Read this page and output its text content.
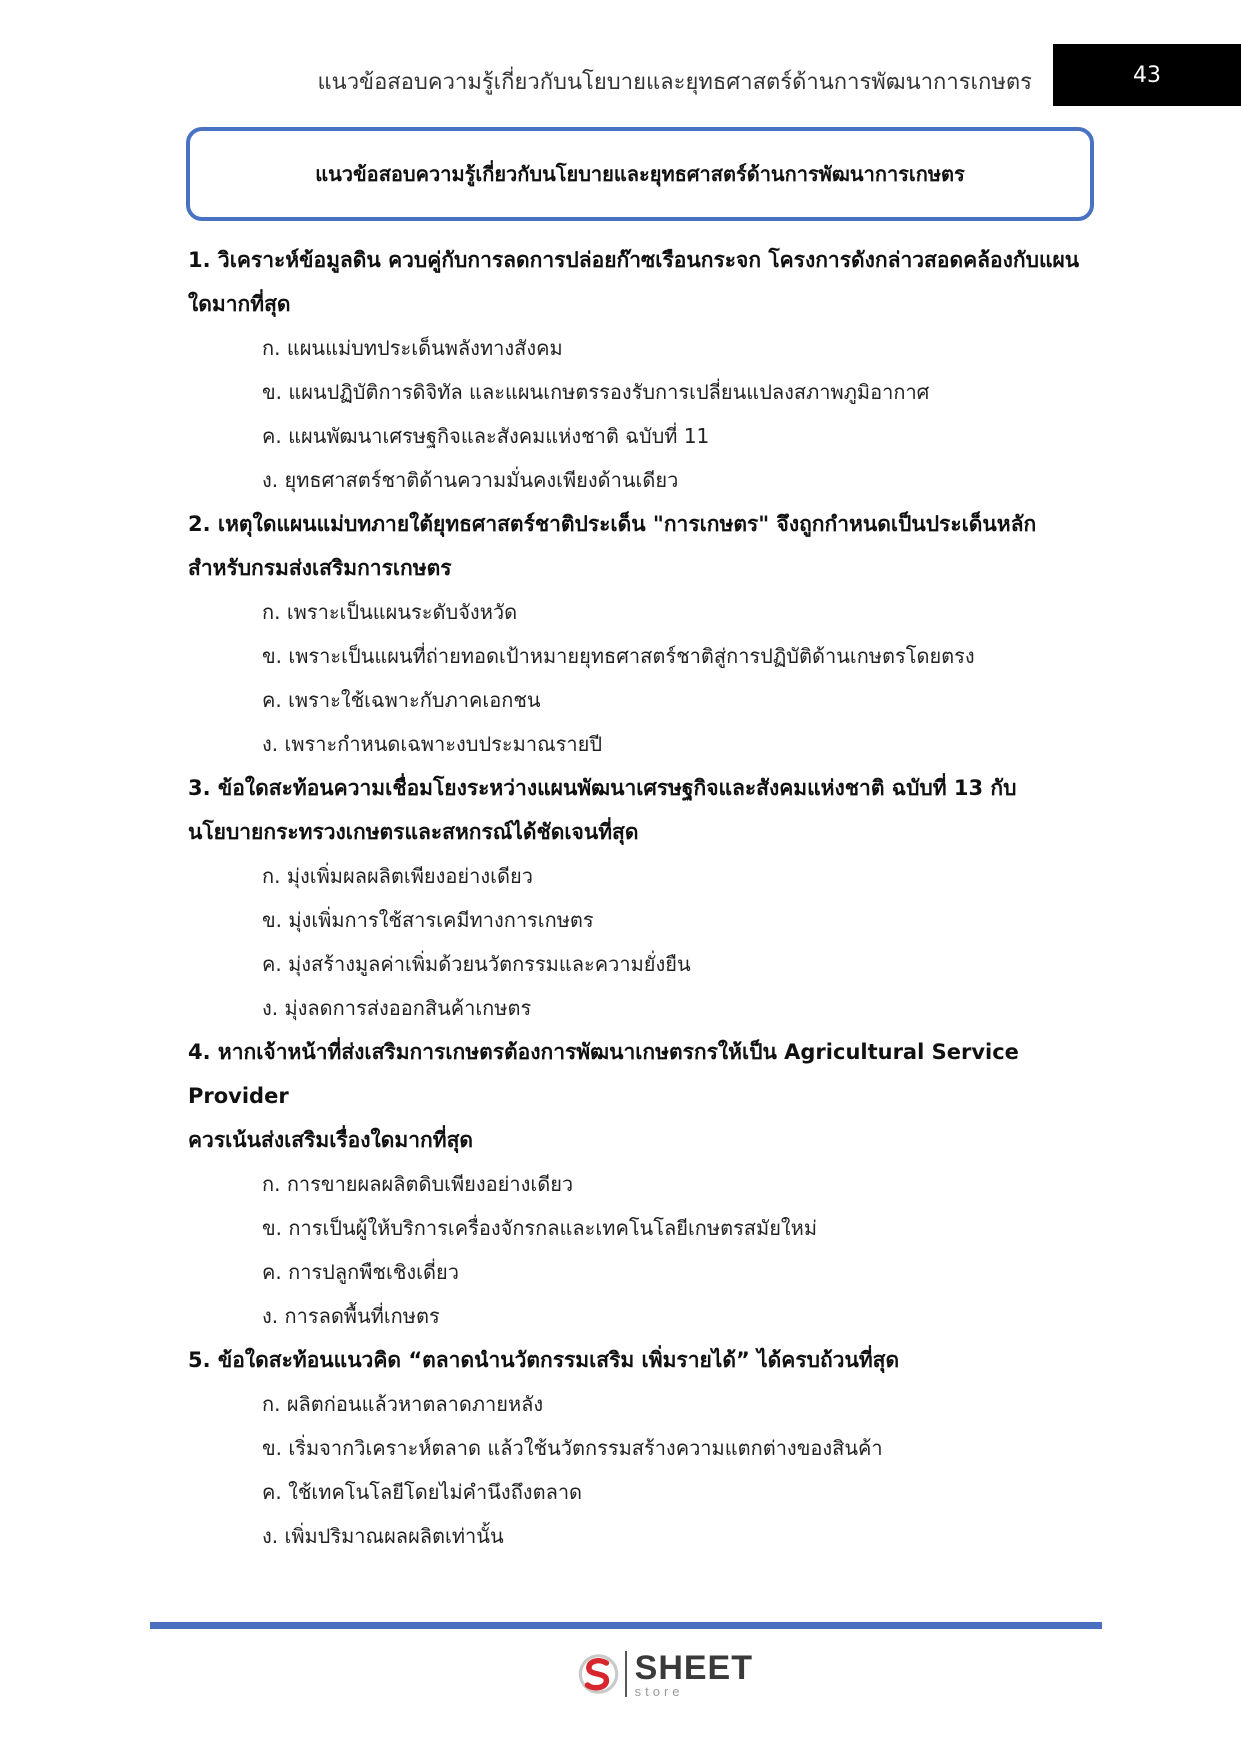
แนวข้อสอบความรู้เกี่ยวกับนโยบายและยุทธศาสตร์ด้านการพัฒนาการเกษตร	43
แนวข้อสอบความรู้เกี่ยวกับนโยบายและยุทธศาสตร์ด้านการพัฒนาการเกษตร
1. วิเคราะห์ข้อมูลดิน ควบคู่กับการลดการปล่อยก๊าซเรือนกระจก โครงการดังกล่าวสอดคล้องกับแผน
ใดมากที่สุด
ก. แผนแม่บทประเด็นพลังทางสังคม
ข. แผนปฏิบัติการดิจิทัล และแผนเกษตรรองรับการเปลี่ยนแปลงสภาพภูมิอากาศ
ค. แผนพัฒนาเศรษฐกิจและสังคมแห่งชาติ ฉบับที่ 11
ง. ยุทธศาสตร์ชาติด้านความมั่นคงเพียงด้านเดียว
2. เหตุใดแผนแม่บทภายใต้ยุทธศาสตร์ชาติประเด็น "การเกษตร" จึงถูกกำหนดเป็นประเด็นหลัก
สำหรับกรมส่งเสริมการเกษตร
ก. เพราะเป็นแผนระดับจังหวัด
ข. เพราะเป็นแผนที่ถ่ายทอดเป้าหมายยุทธศาสตร์ชาติสู่การปฏิบัติด้านเกษตรโดยตรง
ค. เพราะใช้เฉพาะกับภาคเอกชน
ง. เพราะกำหนดเฉพาะงบประมาณรายปี
3. ข้อใดสะท้อนความเชื่อมโยงระหว่างแผนพัฒนาเศรษฐกิจและสังคมแห่งชาติ ฉบับที่ 13 กับ
นโยบายกระทรวงเกษตรและสหกรณ์ได้ชัดเจนที่สุด
ก. มุ่งเพิ่มผลผลิตเพียงอย่างเดียว
ข. มุ่งเพิ่มการใช้สารเคมีทางการเกษตร
ค. มุ่งสร้างมูลค่าเพิ่มด้วยนวัตกรรมและความยั่งยืน
ง. มุ่งลดการส่งออกสินค้าเกษตร
4. หากเจ้าหน้าที่ส่งเสริมการเกษตรต้องการพัฒนาเกษตรกรให้เป็น Agricultural Service Provider
ควรเน้นส่งเสริมเรื่องใดมากที่สุด
ก. การขายผลผลิตดิบเพียงอย่างเดียว
ข. การเป็นผู้ให้บริการเครื่องจักรกลและเทคโนโลยีเกษตรสมัยใหม่
ค. การปลูกพืชเชิงเดี่ยว
ง. การลดพื้นที่เกษตร
5. ข้อใดสะท้อนแนวคิด “ตลาดนำนวัตกรรมเสริม เพิ่มรายได้” ได้ครบถ้วนที่สุด
ก. ผลิตก่อนแล้วหาตลาดภายหลัง
ข. เริ่มจากวิเคราะห์ตลาด แล้วใช้นวัตกรรมสร้างความแตกต่างของสินค้า
ค. ใช้เทคโนโลยีโดยไม่คำนึงถึงตลาด
ง. เพิ่มปริมาณผลผลิตเท่านั้น
SHEET
store
